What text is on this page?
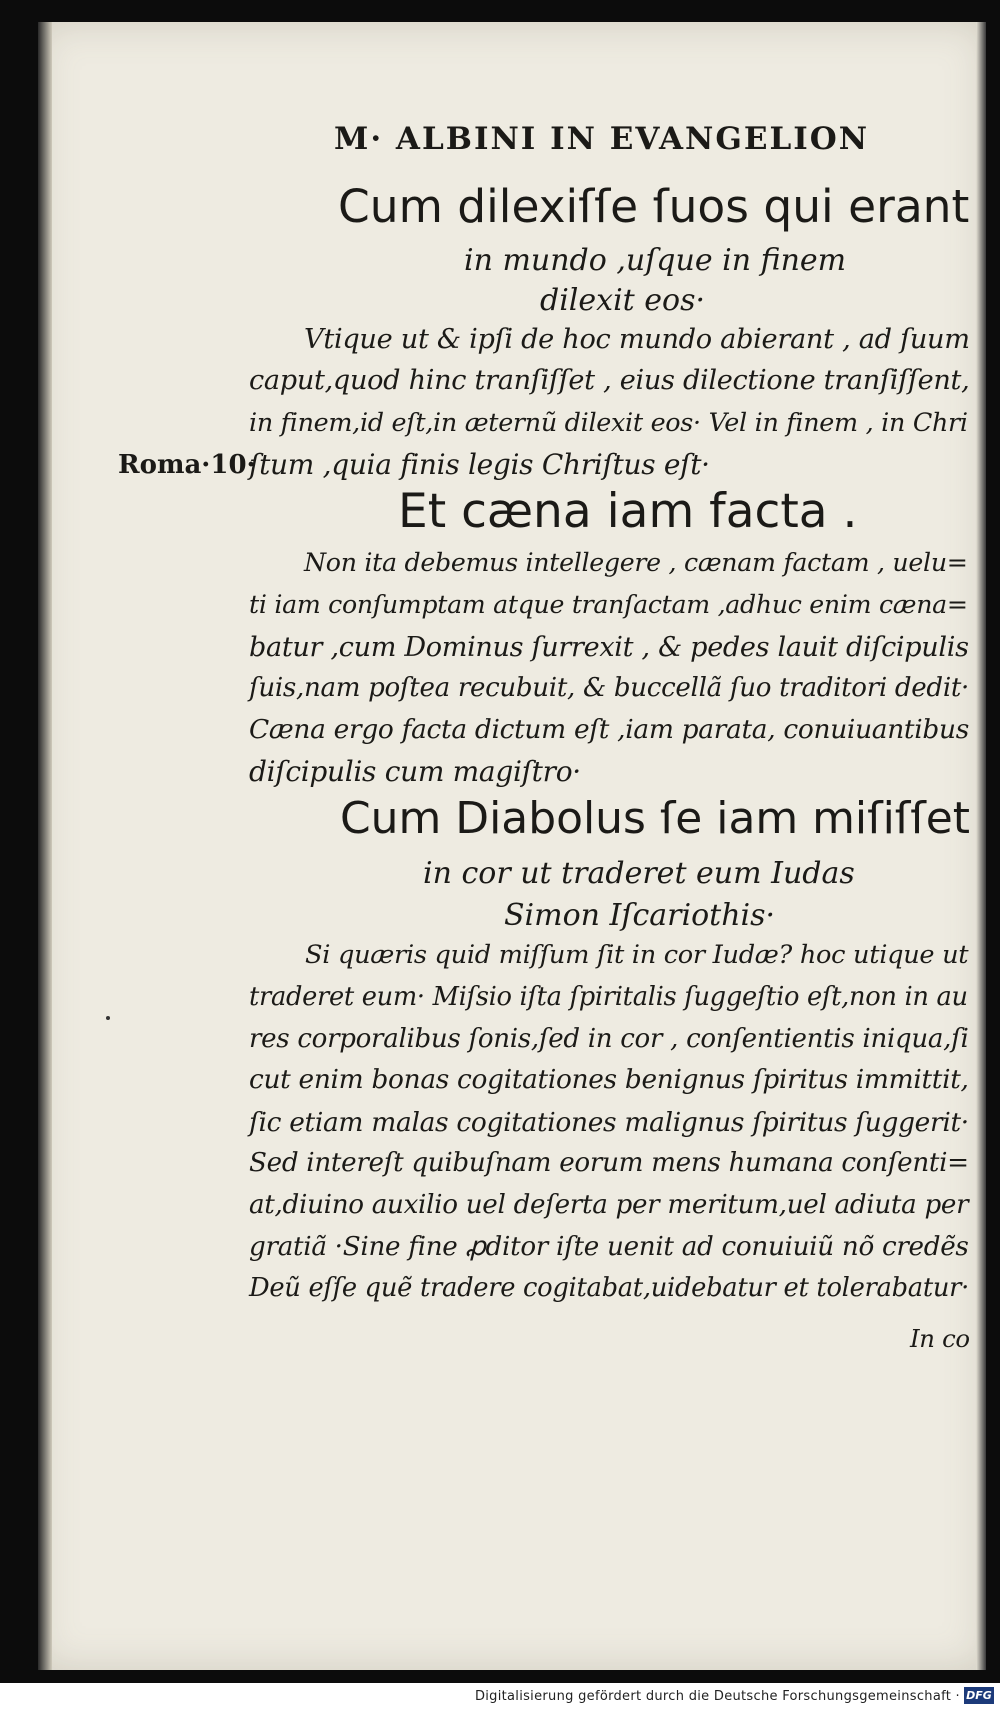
M· ALBINI IN EVANGELION
Cum dilexiſſe ſuos qui erant
in mundo ,uſque in finem
dilexit eos·
Vtique ut & ipſi de hoc mundo abierant , ad ſuum
caput,quod hinc tranſiſſet , eius dilectione tranſiſſent,
in finem,id eſt,in æternũ dilexit eos· Vel in finem , in Chri
Roma·10·
ſtum ,quia finis legis Chriſtus eſt·
Et cæna iam facta .
Non ita debemus intellegere , cænam factam , uelu=
ti iam conſumptam atque tranſactam ,adhuc enim cæna=
batur ,cum Dominus ſurrexit , & pedes lauit diſcipulis
ſuis,nam poſtea recubuit, & buccellã ſuo traditori dedit·
Cæna ergo facta dictum eſt ,iam parata, conuiuantibus
diſcipulis cum magiſtro·
Cum Diabolus ſe iam miſiſſet
in cor ut traderet eum Iudas
Simon Iſcariothis·
Si quæris quid miſſum ſit in cor Iudæ? hoc utique ut
traderet eum· Miſsio iſta ſpiritalis ſuggeſtio eſt,non in au
res corporalibus ſonis,ſed in cor , conſentientis iniqua,ſi
cut enim bonas cogitationes benignus ſpiritus immittit,
ſic etiam malas cogitationes malignus ſpiritus ſuggerit·
Sed intereſt quibuſnam eorum mens humana conſenti=
at,diuino auxilio uel deſerta per meritum,uel adiuta per
gratiã ·Sine fine ꝓditor iſte uenit ad conuiuiũ nõ credẽs
Deũ eſſe quẽ tradere cogitabat,uidebatur et tolerabatur·
In co
Digitalisierung gefördert durch die Deutsche Forschungsgemeinschaft · DFG
